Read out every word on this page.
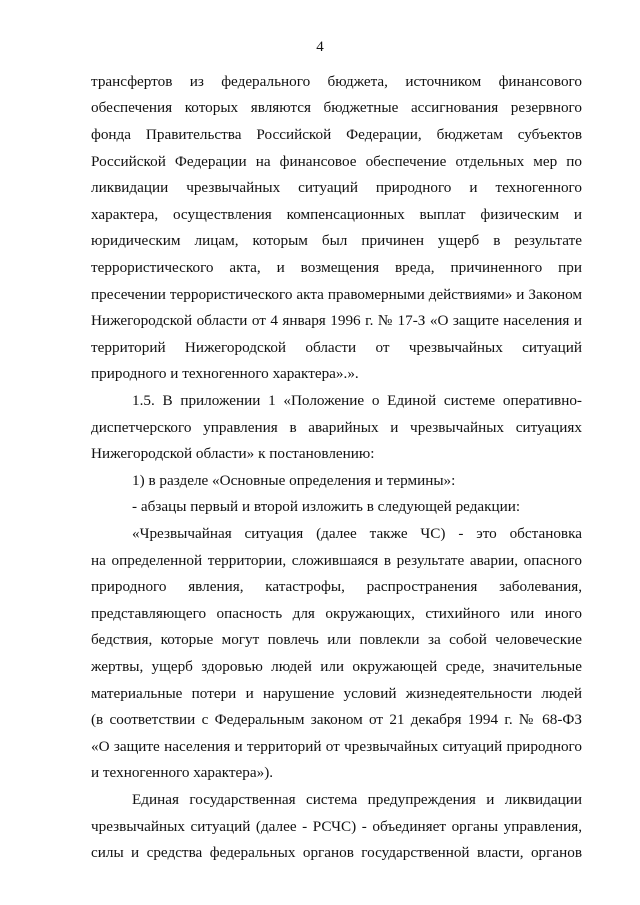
4
трансфертов из федерального бюджета, источником финансового
обеспечения которых являются бюджетные ассигнования резервного
фонда Правительства Российской Федерации, бюджетам субъектов
Российской Федерации на финансовое обеспечение отдельных мер по
ликвидации чрезвычайных ситуаций природного и техногенного
характера, осуществления компенсационных выплат физическим и
юридическим лицам, которым был причинен ущерб в результате
террористического акта, и возмещения вреда, причиненного при
пресечении террористического акта правомерными действиями» и Законом
Нижегородской области от 4 января 1996 г. № 17-З «О защите населения и
территорий Нижегородской области от чрезвычайных ситуаций
природного и техногенного характера».».
1.5. В приложении 1 «Положение о Единой системе оперативно-
диспетчерского управления в аварийных и чрезвычайных ситуациях
Нижегородской области» к постановлению:
1) в разделе «Основные определения и термины»:
- абзацы первый и второй изложить в следующей редакции:
«Чрезвычайная ситуация (далее также ЧС) - это обстановка
на определенной территории, сложившаяся в результате аварии, опасного
природного явления, катастрофы, распространения заболевания,
представляющего опасность для окружающих, стихийного или иного
бедствия, которые могут повлечь или повлекли за собой человеческие
жертвы, ущерб здоровью людей или окружающей среде, значительные
материальные потери и нарушение условий жизнедеятельности людей
(в соответствии с Федеральным законом от 21 декабря 1994 г. № 68-ФЗ
«О защите населения и территорий от чрезвычайных ситуаций природного
и техногенного характера»).
Единая государственная система предупреждения и ликвидации
чрезвычайных ситуаций (далее - РСЧС) - объединяет органы управления,
силы и средства федеральных органов государственной власти, органов
